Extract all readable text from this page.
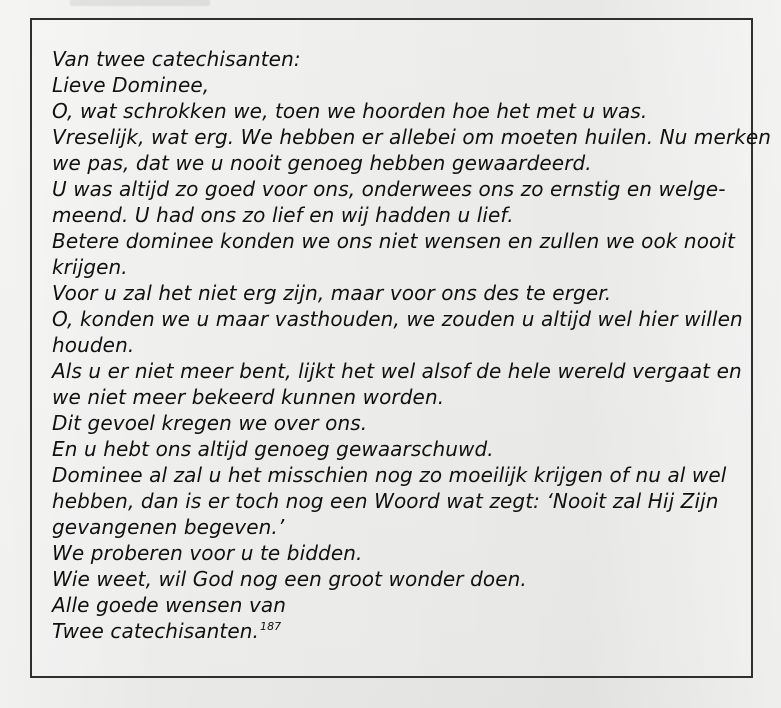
Van twee catechisanten:
Lieve Dominee,
O, wat schrokken we, toen we hoorden hoe het met u was.
Vreselijk, wat erg. We hebben er allebei om moeten huilen. Nu merken
we pas, dat we u nooit genoeg hebben gewaardeerd.
U was altijd zo goed voor ons, onderwees ons zo ernstig en welge-
meend. U had ons zo lief en wij hadden u lief.
Betere dominee konden we ons niet wensen en zullen we ook nooit
krijgen.
Voor u zal het niet erg zijn, maar voor ons des te erger.
O, konden we u maar vasthouden, we zouden u altijd wel hier willen
houden.
Als u er niet meer bent, lijkt het wel alsof de hele wereld vergaat en
we niet meer bekeerd kunnen worden.
Dit gevoel kregen we over ons.
En u hebt ons altijd genoeg gewaarschuwd.
Dominee al zal u het misschien nog zo moeilijk krijgen of nu al wel
hebben, dan is er toch nog een Woord wat zegt: ‘Nooit zal Hij Zijn
gevangenen begeven.’
We proberen voor u te bidden.
Wie weet, wil God nog een groot wonder doen.
Alle goede wensen van
Twee catechisanten.$^{187}$
